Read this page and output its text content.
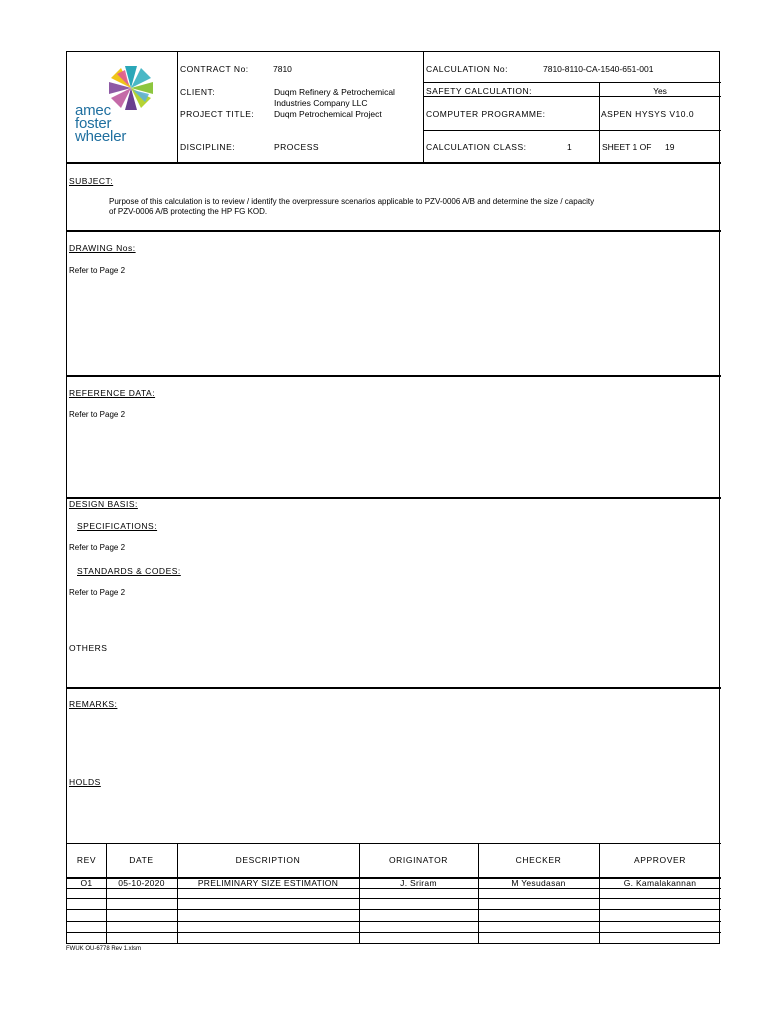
amec
foster
wheeler
CONTRACT No:	7810
CLIENT:	Duqm Refinery & Petrochemical
Industries Company LLC
PROJECT TITLE: Duqm Petrochemical Project
DISCIPLINE:	PROCESS
CALCULATION No:	7810-8110-CA-1540-651-001
SAFETY CALCULATION:	Yes
COMPUTER PROGRAMME:	ASPEN HYSYS V10.0
CALCULATION CLASS:	1	SHEET 1 OF 19
SUBJECT:
Purpose of this calculation is to review / identify the overpressure scenarios applicable to PZV-0006 A/B and determine the size / capacity
of PZV-0006 A/B protecting the HP FG KOD.
DRAWING Nos:
Refer to Page 2
REFERENCE DATA:
Refer to Page 2
DESIGN BASIS:
SPECIFICATIONS:
Refer to Page 2
STANDARDS & CODES:
Refer to Page 2
OTHERS
REMARKS:
HOLDS
REV	DATE	DESCRIPTION	ORIGINATOR	CHECKER	APPROVER
O1	05-10-2020	PRELIMINARY SIZE ESTIMATION	J. Sriram	M Yesudasan	G. Kamalakannan
FWUK OU-6778 Rev 1.xlsm
